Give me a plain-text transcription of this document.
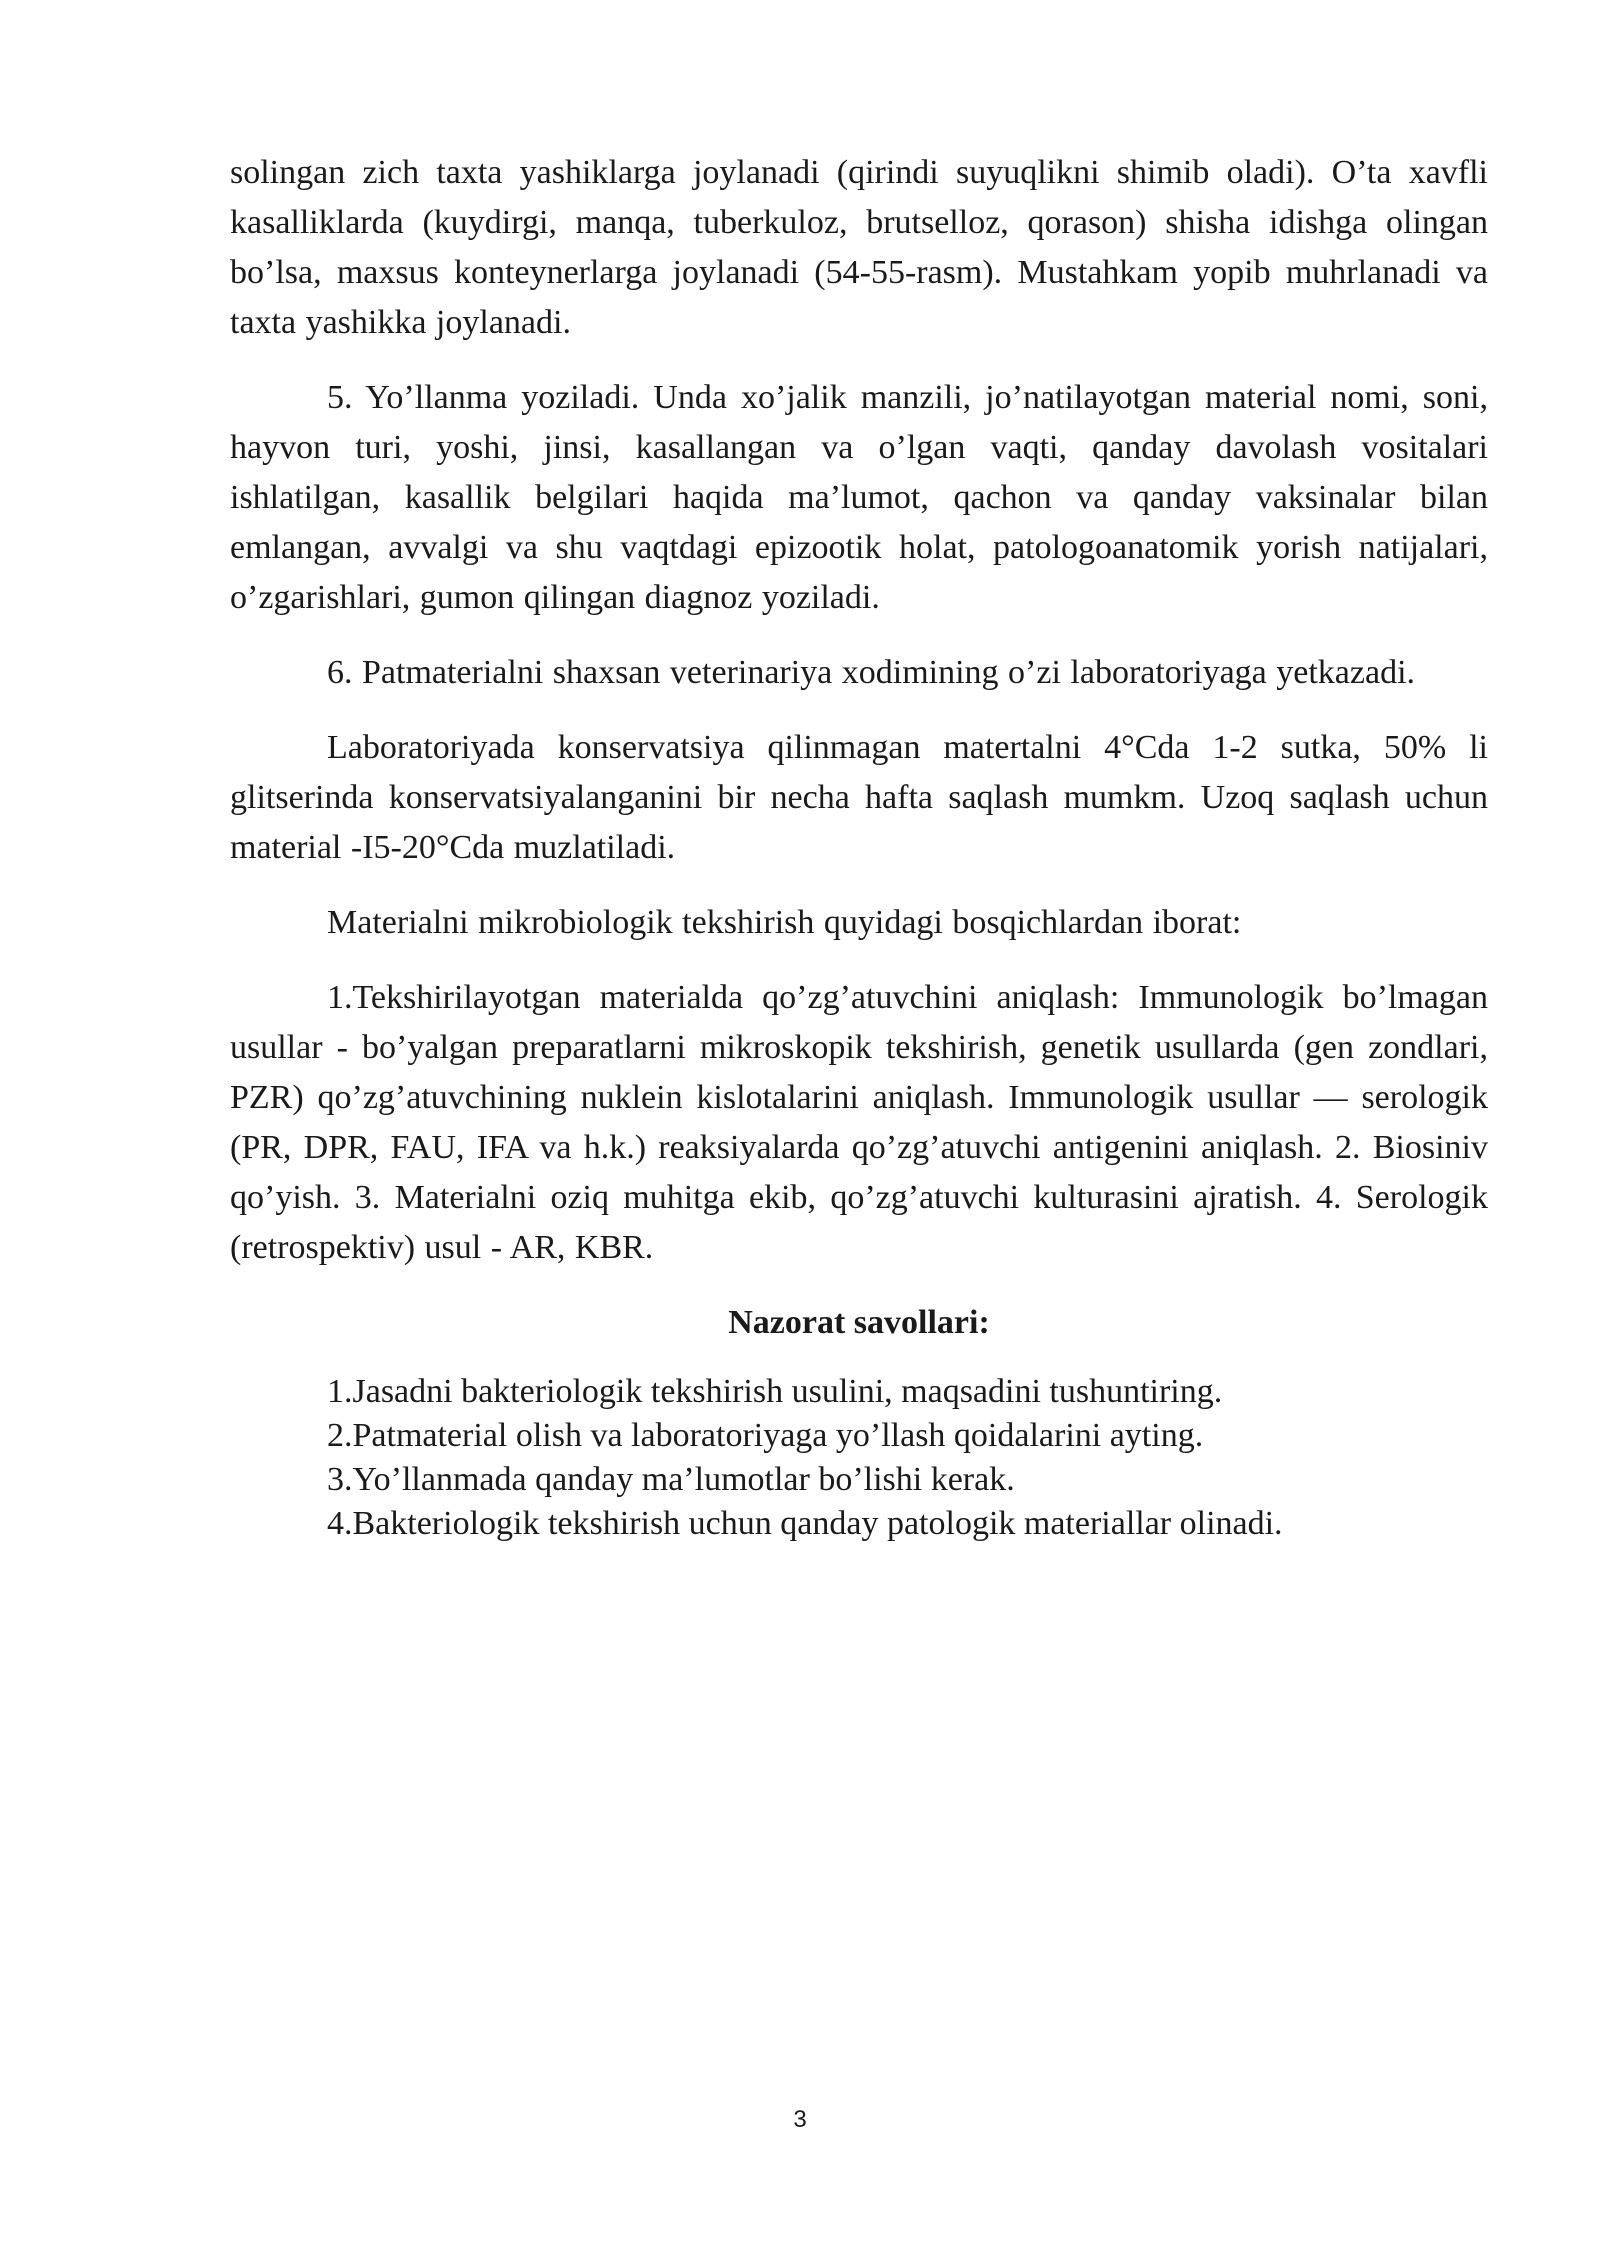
solingan zich taxta yashiklarga joylanadi (qirindi suyuqlikni shimib oladi). O’ta xavfli kasalliklarda (kuydirgi, manqa, tuberkuloz, brutselloz, qorason) shisha idishga olingan bo’lsa, maxsus konteynerlarga joylanadi (54-55-rasm). Mustahkam yopib muhrlanadi va taxta yashikka joylanadi.

5. Yo’llanma yoziladi. Unda xo’jalik manzili, jo’natilayotgan material nomi, soni, hayvon turi, yoshi, jinsi, kasallangan va o’lgan vaqti, qanday davolash vositalari ishlatilgan, kasallik belgilari haqida ma’lumot, qachon va qanday vaksinalar bilan emlangan, avvalgi va shu vaqtdagi epizootik holat, patologoanatomik yorish natijalari, o’zgarishlari, gumon qilingan diagnoz yoziladi.

6. Patmaterialni shaxsan veterinariya xodimining o’zi laboratoriyaga yetkazadi.

Laboratoriyada konservatsiya qilinmagan matertalni 4°Cda 1-2 sutka, 50% li glitserinda konservatsiyalanganini bir necha hafta saqlash mumkm. Uzoq saqlash uchun material -I5-20°Cda muzlatiladi.

Materialni mikrobiologik tekshirish quyidagi bosqichlardan iborat:

1.Tekshirilayotgan materialda qo’zg’atuvchini aniqlash: Immunologik bo’lmagan usullar - bo’yalgan preparatlarni mikroskopik tekshirish, genetik usullarda (gen zondlari, PZR) qo’zg’atuvchining nuklein kislotalarini aniqlash. Immunologik usullar — serologik (PR, DPR, FAU, IFA va h.k.) reaksiyalarda qo’zg’atuvchi antigenini aniqlash. 2. Biosiniv qo’yish. 3. Materialni oziq muhitga ekib, qo’zg’atuvchi kulturasini ajratish. 4. Serologik (retrospektiv) usul - AR, KBR.

Nazorat savollari:
1.Jasadni bakteriologik tekshirish usulini, maqsadini tushuntiring.
2.Patmaterial olish va laboratoriyaga yo’llash qoidalarini ayting.
3.Yo’llanmada qanday ma’lumotlar bo’lishi kerak.
4.Bakteriologik tekshirish uchun qanday patologik materiallar olinadi.
3
